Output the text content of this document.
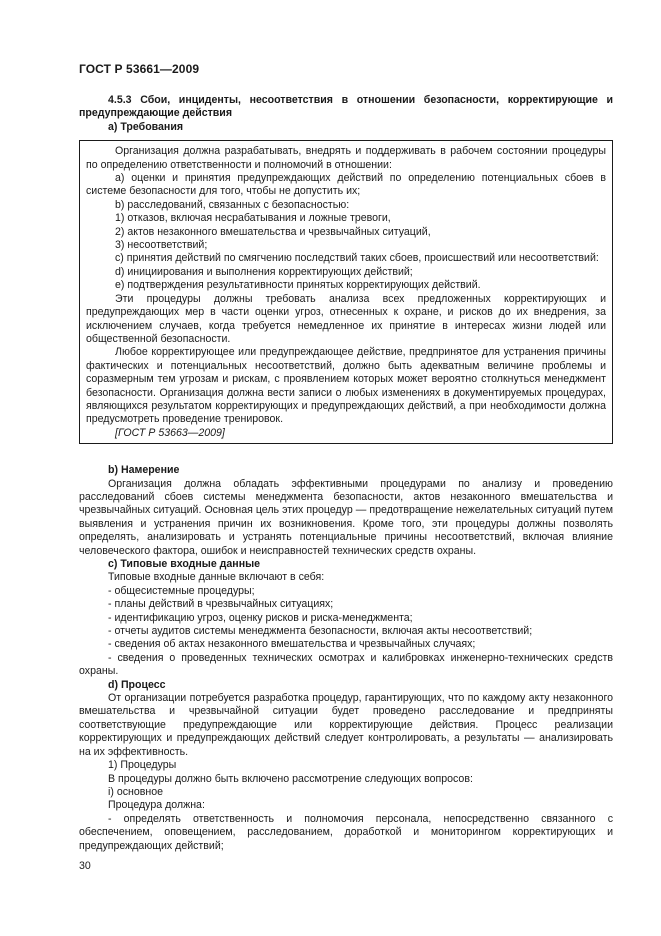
ГОСТ Р 53661—2009

4.5.3 Сбои, инциденты, несоответствия в отношении безопасности, корректирующие и предупреждающие действия

a) Требования

Организация должна разрабатывать, внедрять и поддерживать в рабочем состоянии процедуры по определению ответственности и полномочий в отношении:

a) оценки и принятия предупреждающих действий по определению потенциальных сбоев в системе безопасности для того, чтобы не допустить их;

b) расследований, связанных с безопасностью:

1) отказов, включая несрабатывания и ложные тревоги,

2) актов незаконного вмешательства и чрезвычайных ситуаций,

3) несоответствий;

c) принятия действий по смягчению последствий таких сбоев, происшествий или несоответствий:

d) инициирования и выполнения корректирующих действий;

e) подтверждения результативности принятых корректирующих действий.

Эти процедуры должны требовать анализа всех предложенных корректирующих и предупреждающих мер в части оценки угроз, отнесенных к охране, и рисков до их внедрения, за исключением случаев, когда требуется немедленное их принятие в интересах жизни людей или общественной безопасности.

Любое корректирующее или предупреждающее действие, предпринятое для устранения причины фактических и потенциальных несоответствий, должно быть адекватным величине проблемы и соразмерным тем угрозам и рискам, с проявлением которых может вероятно столкнуться менеджмент безопасности. Организация должна вести записи о любых изменениях в документируемых процедурах, являющихся результатом корректирующих и предупреждающих действий, а при необходимости должна предусмотреть проведение тренировок.

[ГОСТ Р 53663—2009]

b) Намерение

Организация должна обладать эффективными процедурами по анализу и проведению расследований сбоев системы менеджмента безопасности, актов незаконного вмешательства и чрезвычайных ситуаций. Основная цель этих процедур — предотвращение нежелательных ситуаций путем выявления и устранения причин их возникновения. Кроме того, эти процедуры должны позволять определять, анализировать и устранять потенциальные причины несоответствий, включая влияние человеческого фактора, ошибок и неисправностей технических средств охраны.

c) Типовые входные данные

Типовые входные данные включают в себя:

- общесистемные процедуры;

- планы действий в чрезвычайных ситуациях;

- идентификацию угроз, оценку рисков и риска-менеджмента;

- отчеты аудитов системы менеджмента безопасности, включая акты несоответствий;

- сведения об актах незаконного вмешательства и чрезвычайных случаях;

- сведения о проведенных технических осмотрах и калибровках инженерно-технических средств охраны.

d) Процесс

От организации потребуется разработка процедур, гарантирующих, что по каждому акту незаконного вмешательства и чрезвычайной ситуации будет проведено расследование и предприняты соответствующие предупреждающие или корректирующие действия. Процесс реализации корректирующих и предупреждающих действий следует контролировать, а результаты — анализировать на их эффективность.

1) Процедуры

В процедуры должно быть включено рассмотрение следующих вопросов:

i) основное

Процедура должна:

- определять ответственность и полномочия персонала, непосредственно связанного с обеспечением, оповещением, расследованием, доработкой и мониторингом корректирующих и предупреждающих действий;

30
